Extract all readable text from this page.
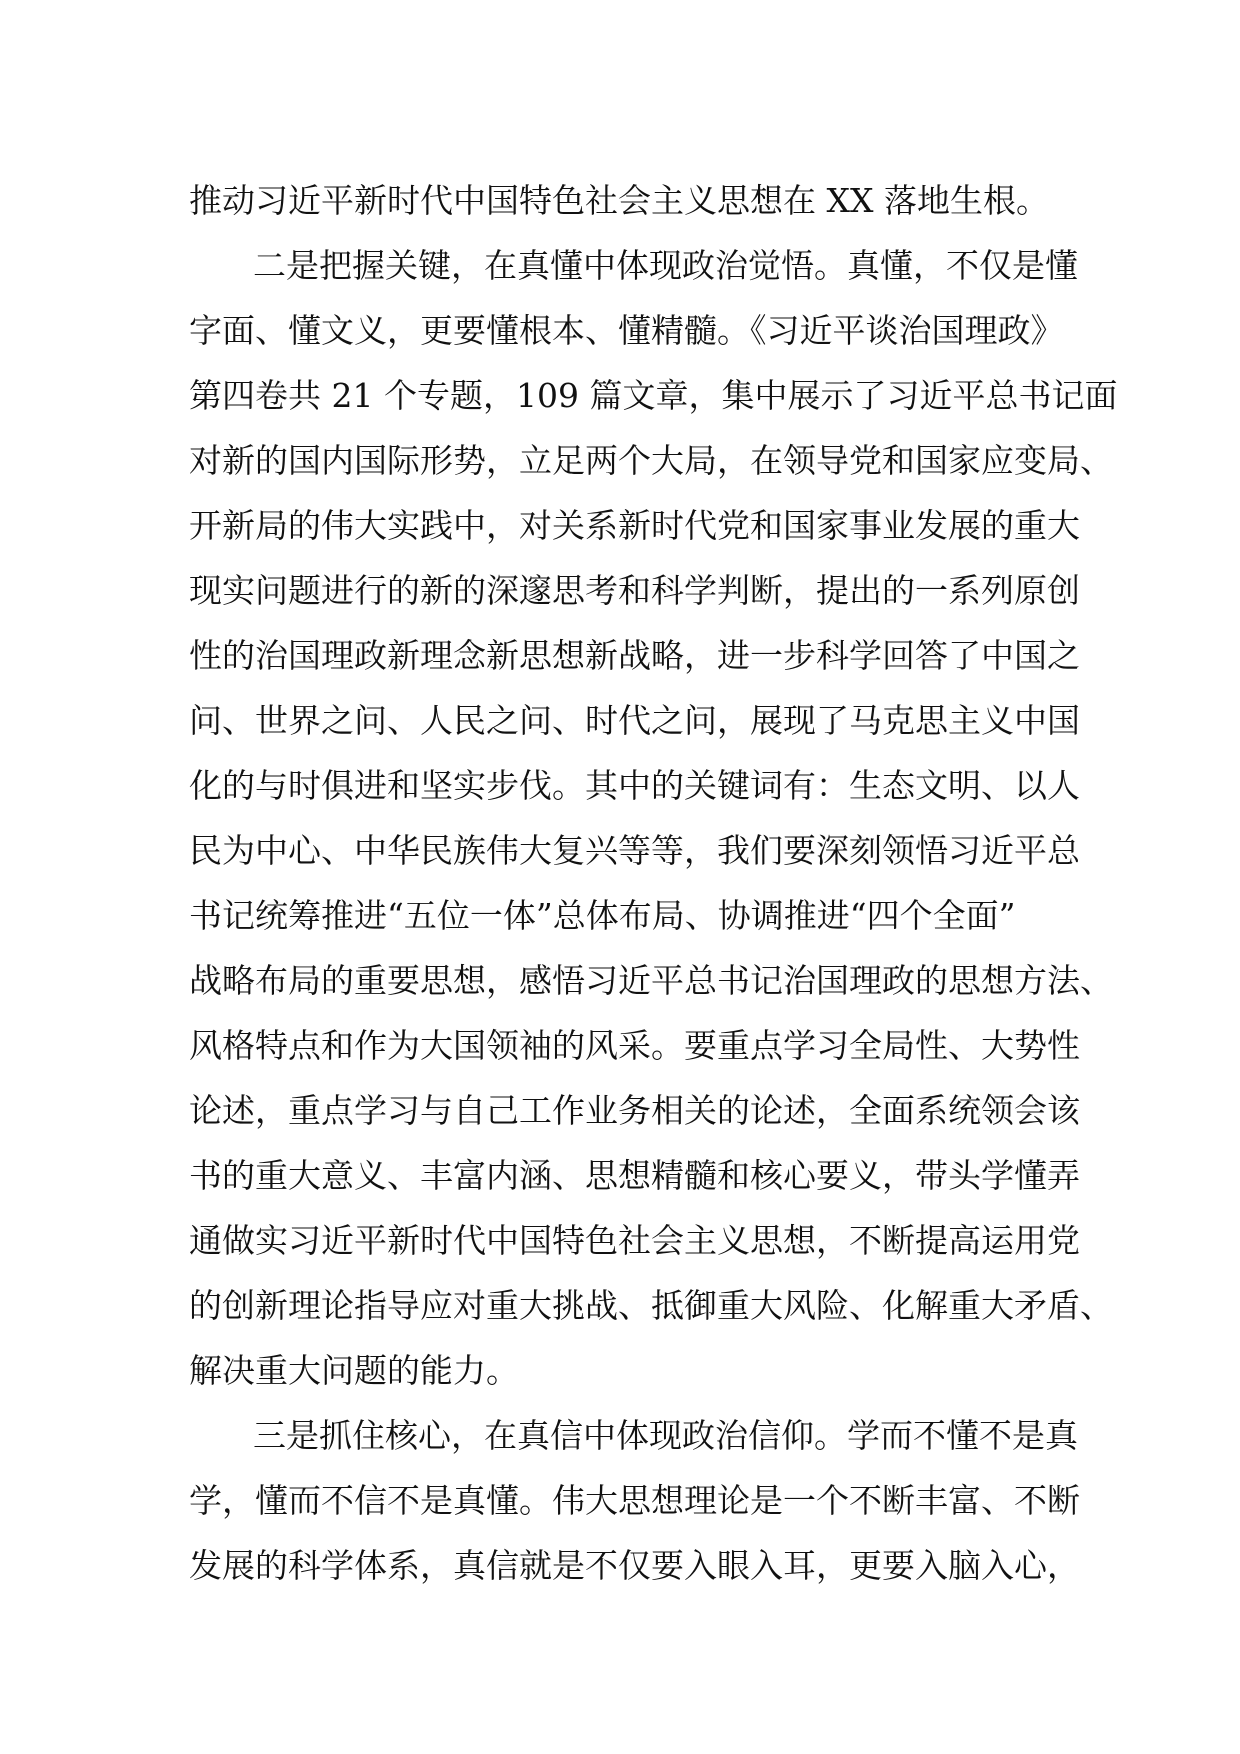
推动习近平新时代中国特色社会主义思想在 XX 落地生根。
二是把握关键，在真懂中体现政治觉悟。真懂，不仅是懂
字面、懂文义，更要懂根本、懂精髓。《习近平谈治国理政》
第四卷共 21 个专题，109 篇文章，集中展示了习近平总书记面
对新的国内国际形势，立足两个大局，在领导党和国家应变局、
开新局的伟大实践中，对关系新时代党和国家事业发展的重大
现实问题进行的新的深邃思考和科学判断，提出的一系列原创
性的治国理政新理念新思想新战略，进一步科学回答了中国之
问、世界之问、人民之问、时代之问，展现了马克思主义中国
化的与时俱进和坚实步伐。其中的关键词有：生态文明、以人
民为中心、中华民族伟大复兴等等，我们要深刻领悟习近平总
书记统筹推进“五位一体”总体布局、协调推进“四个全面”
战略布局的重要思想，感悟习近平总书记治国理政的思想方法、
风格特点和作为大国领袖的风采。要重点学习全局性、大势性
论述，重点学习与自己工作业务相关的论述，全面系统领会该
书的重大意义、丰富内涵、思想精髓和核心要义，带头学懂弄
通做实习近平新时代中国特色社会主义思想，不断提高运用党
的创新理论指导应对重大挑战、抵御重大风险、化解重大矛盾、
解决重大问题的能力。
三是抓住核心，在真信中体现政治信仰。学而不懂不是真
学，懂而不信不是真懂。伟大思想理论是一个不断丰富、不断
发展的科学体系，真信就是不仅要入眼入耳，更要入脑入心，
